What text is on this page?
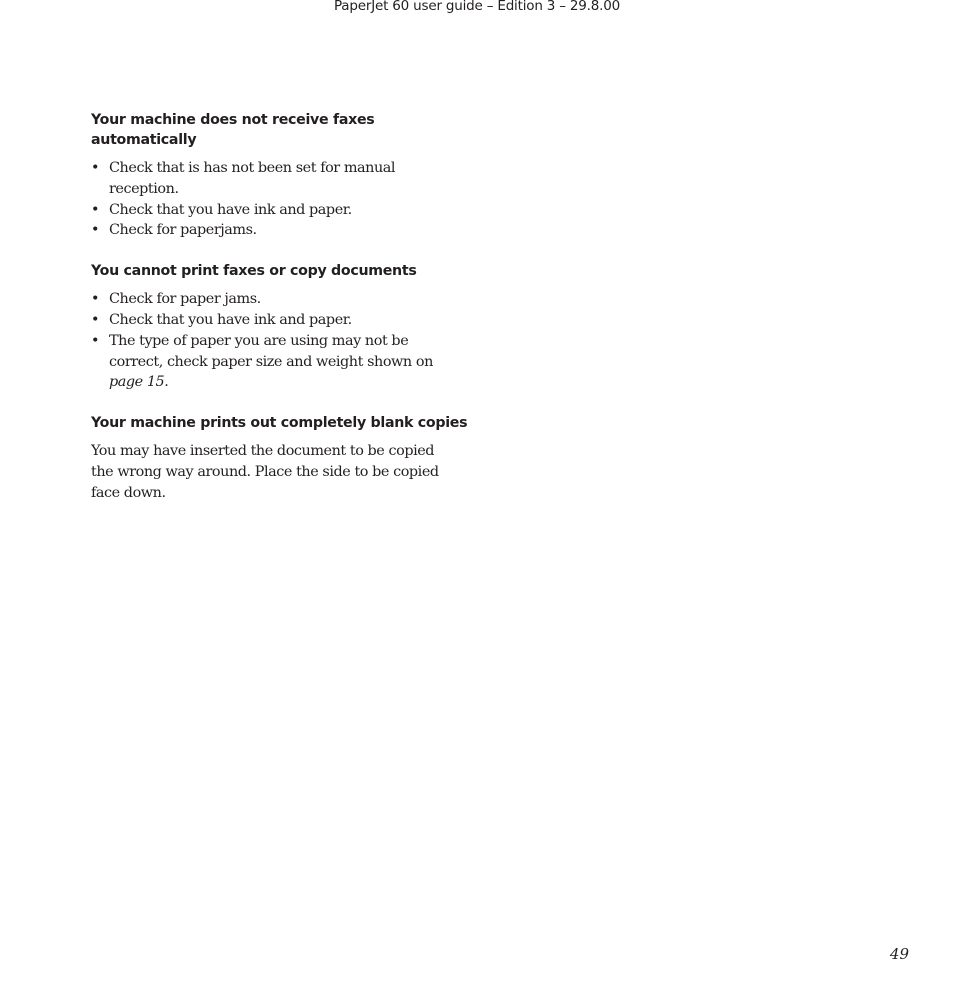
PaperJet 60 user guide – Edition 3 – 29.8.00
Your machine does not receive faxes
automatically
• Check that is has not been set for manual
reception.
• Check that you have ink and paper.
• Check for paperjams.
You cannot print faxes or copy documents
• Check for paper jams.
• Check that you have ink and paper.
• The type of paper you are using may not be
correct, check paper size and weight shown on
page 15.
Your machine prints out completely blank copies

You may have inserted the document to be copied
the wrong way around. Place the side to be copied
face down.

49
